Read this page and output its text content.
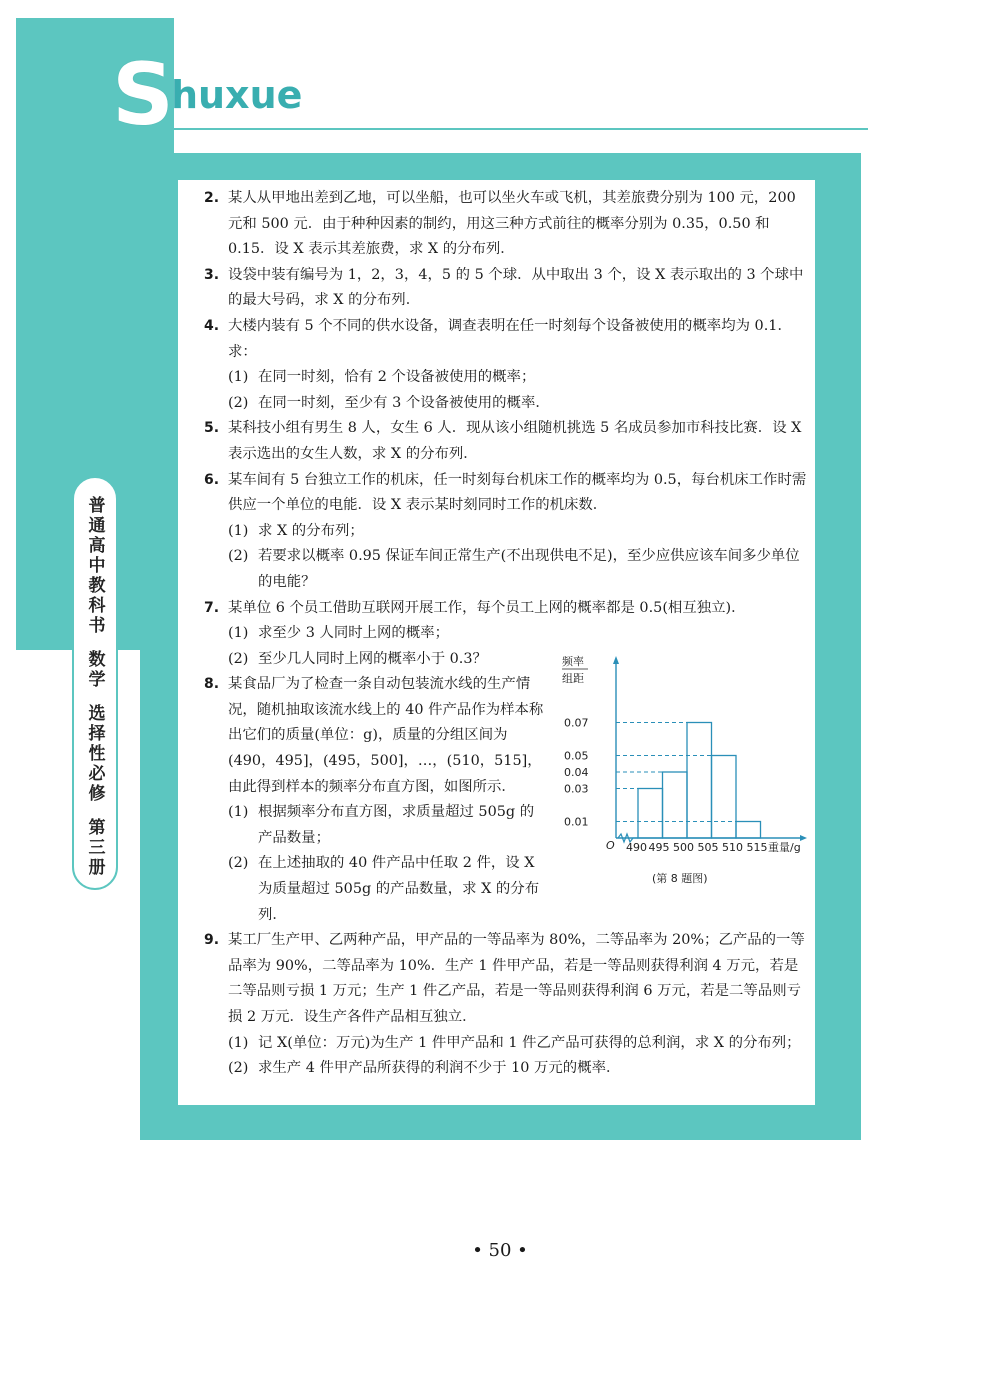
Shuxue
普通高中教科书
数学
选择性必修
第三册
2. 某人从甲地出差到乙地，可以坐船，也可以坐火车或飞机，其差旅费分别为 100 元，200 元和 500 元．由于种种因素的制约，用这三种方式前往的概率分别为 0.35，0.50 和 0.15．设 X 表示其差旅费，求 X 的分布列．
3. 设袋中装有编号为 1，2，3，4，5 的 5 个球．从中取出 3 个，设 X 表示取出的 3 个球中的最大号码，求 X 的分布列．
4. 大楼内装有 5 个不同的供水设备，调查表明在任一时刻每个设备被使用的概率均为 0.1．求：
(1) 在同一时刻，恰有 2 个设备被使用的概率；
(2) 在同一时刻，至少有 3 个设备被使用的概率．
5. 某科技小组有男生 8 人，女生 6 人．现从该小组随机挑选 5 名成员参加市科技比赛．设 X 表示选出的女生人数，求 X 的分布列．
6. 某车间有 5 台独立工作的机床，任一时刻每台机床工作的概率均为 0.5，每台机床工作时需供应一个单位的电能．设 X 表示某时刻同时工作的机床数．
(1) 求 X 的分布列；
(2) 若要求以概率 0.95 保证车间正常生产(不出现供电不足)，至少应供应该车间多少单位的电能？
7. 某单位 6 个员工借助互联网开展工作，每个员工上网的概率都是 0.5(相互独立)．
(1) 求至少 3 人同时上网的概率；
(2) 至少几人同时上网的概率小于 0.3？
8. 某食品厂为了检查一条自动包装流水线的生产情况，随机抽取该流水线上的 40 件产品作为样本称出它们的质量(单位：g)，质量的分组区间为(490，495]，(495，500]，…，(510，515]，由此得到样本的频率分布直方图，如图所示．
(1) 根据频率分布直方图，求质量超过 505g 的产品数量；
(2) 在上述抽取的 40 件产品中任取 2 件，设 X 为质量超过 505g 的产品数量，求 X 的分布列．
9. 某工厂生产甲、乙两种产品，甲产品的一等品率为 80%，二等品率为 20%；乙产品的一等品率为 90%，二等品率为 10%．生产 1 件甲产品，若是一等品则获得利润 4 万元，若是二等品则亏损 1 万元；生产 1 件乙产品，若是一等品则获得利润 6 万元，若是二等品则亏损 2 万元．设生产各件产品相互独立．
(1) 记 X(单位：万元)为生产 1 件甲产品和 1 件乙产品可获得的总利润，求 X 的分布列；
(2) 求生产 4 件甲产品所获得的利润不少于 10 万元的概率．
0.01
0.03
0.04
0.05
0.07
490 495 500 505 510 515
O	重量/g
频率
组距
(第 8 题图)
• 50 •
